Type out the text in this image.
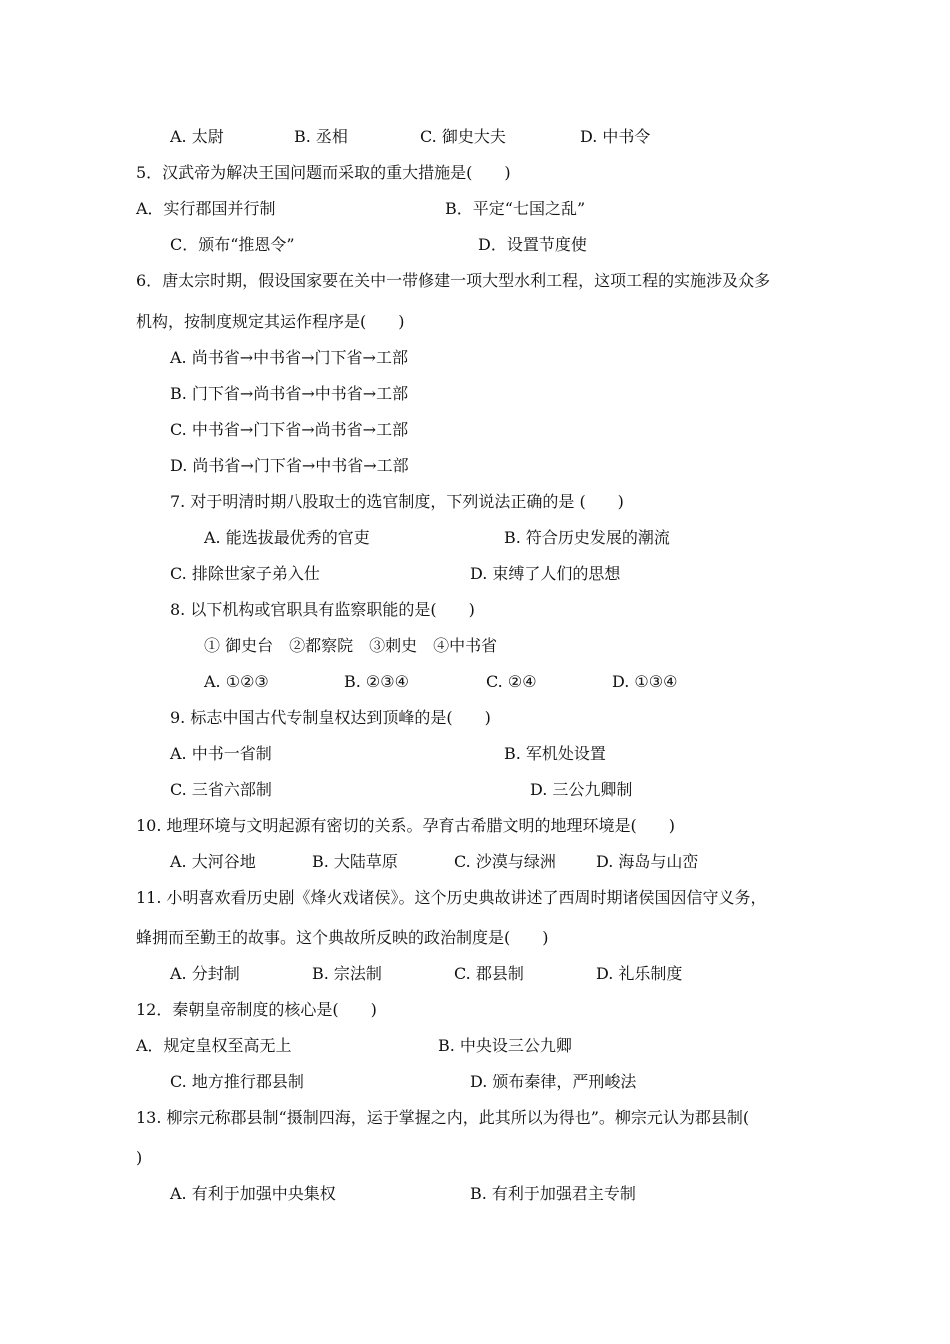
A. 太尉	B. 丞相	C. 御史大夫	D. 中书令
5．汉武帝为解决王国问题而采取的重大措施是(　　)
A．实行郡国并行制	B．平定“七国之乱”
C．颁布“推恩令”	D．设置节度使
6．唐太宗时期，假设国家要在关中一带修建一项大型水利工程，这项工程的实施涉及众多
机构，按制度规定其运作程序是(　　)
A. 尚书省→中书省→门下省→工部
B. 门下省→尚书省→中书省→工部
C. 中书省→门下省→尚书省→工部
D. 尚书省→门下省→中书省→工部
7. 对于明清时期八股取士的选官制度，下列说法正确的是 (　　)
A. 能选拔最优秀的官吏	B. 符合历史发展的潮流
C. 排除世家子弟入仕	D. 束缚了人们的思想
8. 以下机构或官职具有监察职能的是(　　)
① 御史台　②都察院　③刺史　④中书省
A. ①②③	B. ②③④	C. ②④	D. ①③④
9. 标志中国古代专制皇权达到顶峰的是(　　)
A. 中书一省制	B. 军机处设置
C. 三省六部制	D. 三公九卿制
10. 地理环境与文明起源有密切的关系。孕育古希腊文明的地理环境是(　　)
A. 大河谷地	B. 大陆草原	C. 沙漠与绿洲	D. 海岛与山峦
11. 小明喜欢看历史剧《烽火戏诸侯》。这个历史典故讲述了西周时期诸侯国因信守义务，
蜂拥而至勤王的故事。这个典故所反映的政治制度是(　　)
A. 分封制	B. 宗法制	C. 郡县制	D. 礼乐制度
12．秦朝皇帝制度的核心是(　　)
A．规定皇权至高无上	B. 中央设三公九卿
C. 地方推行郡县制	D. 颁布秦律，严刑峻法
13. 柳宗元称郡县制“摄制四海，运于掌握之内，此其所以为得也”。柳宗元认为郡县制(
)
A. 有利于加强中央集权	B. 有利于加强君主专制
